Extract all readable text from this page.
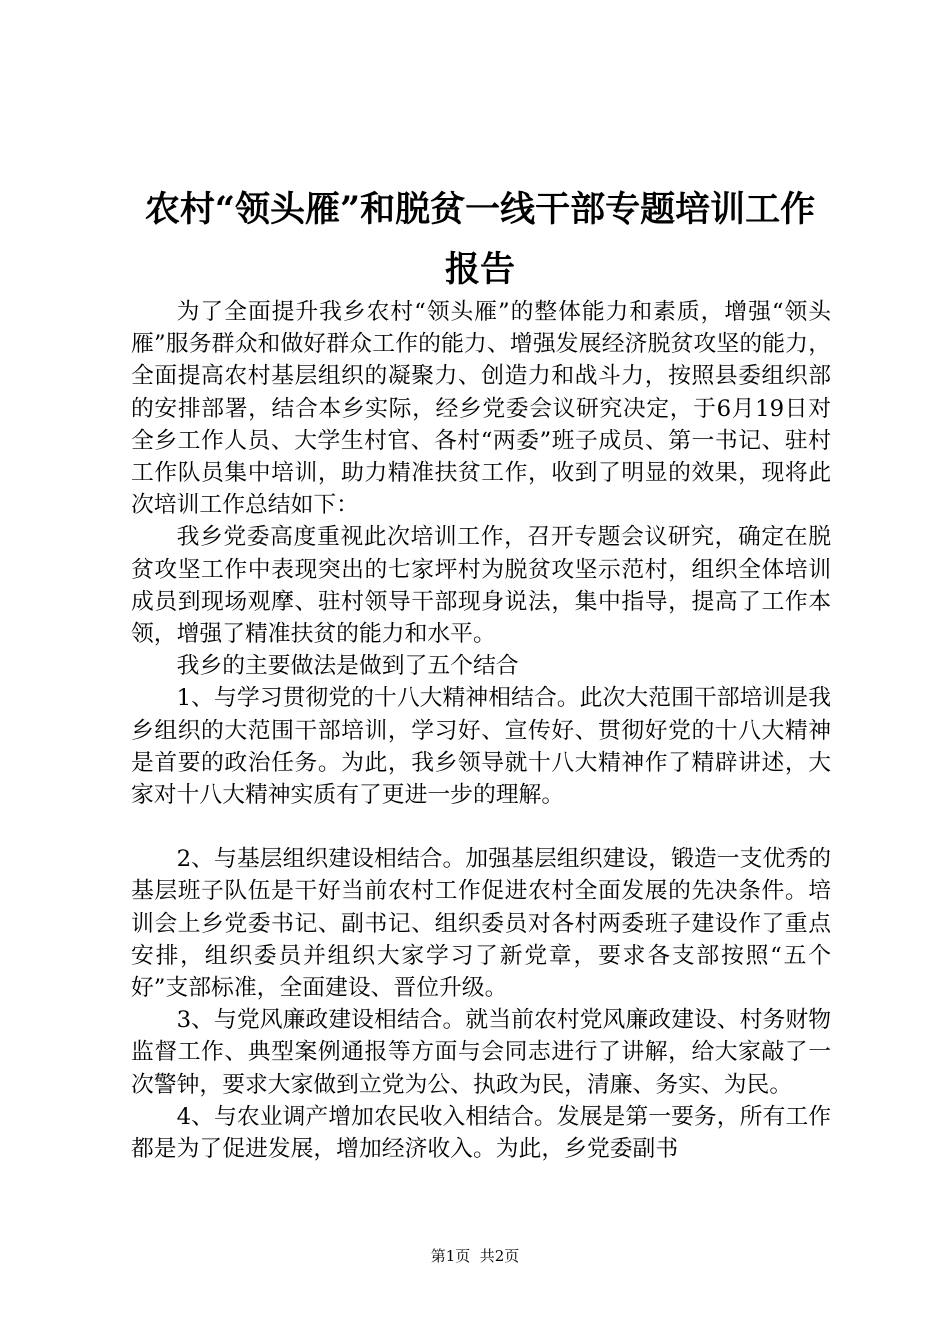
农村“领头雁”和脱贫一线干部专题培训工作
报告

为了全面提升我乡农村“领头雁”的整体能力和素质，增强“领头雁”服务群众和做好群众工作的能力、增强发展经济脱贫攻坚的能力，全面提高农村基层组织的凝聚力、创造力和战斗力，按照县委组织部的安排部署，结合本乡实际，经乡党委会议研究决定，于6月19日对全乡工作人员、大学生村官、各村“两委”班子成员、第一书记、驻村工作队员集中培训，助力精准扶贫工作，收到了明显的效果，现将此次培训工作总结如下：

我乡党委高度重视此次培训工作，召开专题会议研究，确定在脱贫攻坚工作中表现突出的七家坪村为脱贫攻坚示范村，组织全体培训成员到现场观摩、驻村领导干部现身说法，集中指导，提高了工作本领，增强了精准扶贫的能力和水平。

我乡的主要做法是做到了五个结合

1、与学习贯彻党的十八大精神相结合。此次大范围干部培训是我乡组织的大范围干部培训，学习好、宣传好、贯彻好党的十八大精神是首要的政治任务。为此，我乡领导就十八大精神作了精辟讲述，大家对十八大精神实质有了更进一步的理解。

2、与基层组织建设相结合。加强基层组织建设，锻造一支优秀的基层班子队伍是干好当前农村工作促进农村全面发展的先决条件。培训会上乡党委书记、副书记、组织委员对各村两委班子建设作了重点安排，组织委员并组织大家学习了新党章，要求各支部按照“五个好”支部标准，全面建设、晋位升级。

3、与党风廉政建设相结合。就当前农村党风廉政建设、村务财物监督工作、典型案例通报等方面与会同志进行了讲解，给大家敲了一次警钟，要求大家做到立党为公、执政为民，清廉、务实、为民。

4、与农业调产增加农民收入相结合。发展是第一要务，所有工作都是为了促进发展，增加经济收入。为此，乡党委副书

第1页  共2页
